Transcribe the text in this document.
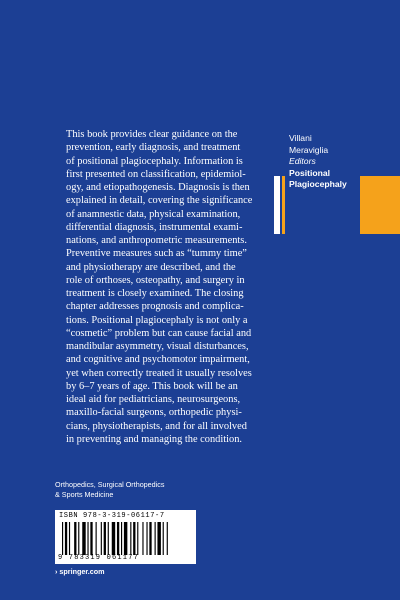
This book provides clear guidance on the
prevention, early diagnosis, and treatment
of positional plagiocephaly. Information is
first presented on classification, epidemiol-
ogy, and etiopathogenesis. Diagnosis is then
explained in detail, covering the significance
of anamnestic data, physical examination,
differential diagnosis, instrumental exami-
nations, and anthropometric measurements.
Preventive measures such as “tummy time”
and physiotherapy are described, and the
role of orthoses, osteopathy, and surgery in
treatment is closely examined. The closing
chapter addresses prognosis and complica-
tions. Positional plagiocephaly is not only a
“cosmetic” problem but can cause facial and
mandibular asymmetry, visual disturbances,
and cognitive and psychomotor impairment,
yet when correctly treated it usually resolves
by 6–7 years of age. This book will be an
ideal aid for pediatricians, neurosurgeons,
maxillo-facial surgeons, orthopedic physi-
cians, physiotherapists, and for all involved
in preventing and managing the condition.

Villani
Meraviglia
Editors
Positional
Plagiocephaly
Orthopedics, Surgical Orthopedics
& Sports Medicine
ISBN 978-3-319-06117-7
9 783319 061177
› springer.com
